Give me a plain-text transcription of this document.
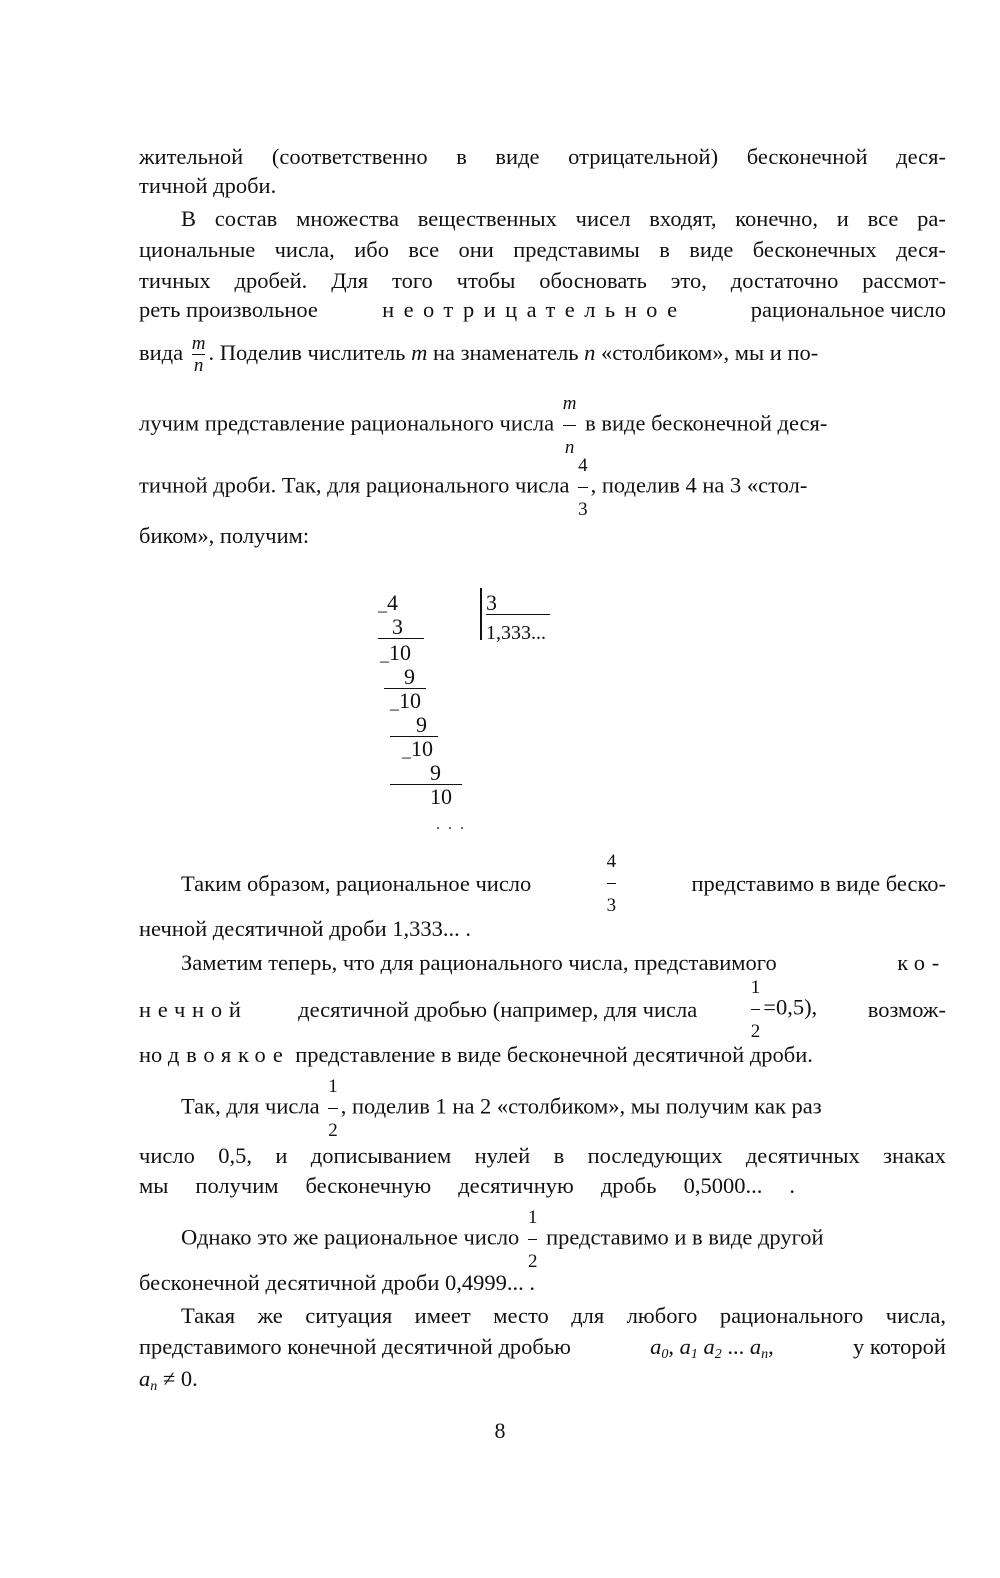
жительной (соответственно в виде отрицательной) бесконечной деся-
тичной дроби.
В состав множества вещественных чисел входят, конечно, и все ра-
циональные числа, ибо все они представимы в виде бесконечных деся-
тичных дробей. Для того чтобы обосновать это, достаточно рассмот-
реть произвольное	неотрицательное	рациональное число
вида $\frac{m}{n}$ . Поделив числитель m на знаменатель n «столбиком», мы и по-
лучим представление рационального числа $\frac{m}{n}$ в виде бесконечной деся-
тичной дроби. Так, для рационального числа $\frac{4}{3}$ , поделив 4 на 3 «стол-
биком», получим:
_4	3
1,333...
3
_10
9
_10
9
_10
9
10
. . .
Таким образом, рациональное число	$\frac{4}{3}$	представимо в виде беско-
нечной десятичной дроби 1,333... .
Заметим теперь, что для рационального числа, представимого	ко-
нечной десятичной дробью (например, для числа	$\frac{1}{2} =0,5$), возмож-
но двоякое представление в виде бесконечной десятичной дроби.
Так, для числа $\frac{1}{2}$ , поделив 1 на 2 «столбиком», мы получим как раз
число 0,5, и дописыванием нулей в последующих десятичных знаках
мы получим бесконечную десятичную дробь 0,5000... .
Однако это же рациональное число $\frac{1}{2}$ представимо и в виде другой
бесконечной десятичной дроби 0,4999... .
Такая же ситуация имеет место для любого рационального числа,
представимого конечной десятичной дробью	$a_0$, $a_1$ $a_2$ ... $a_n$,	у которой
$a_n \ne 0$.
8
